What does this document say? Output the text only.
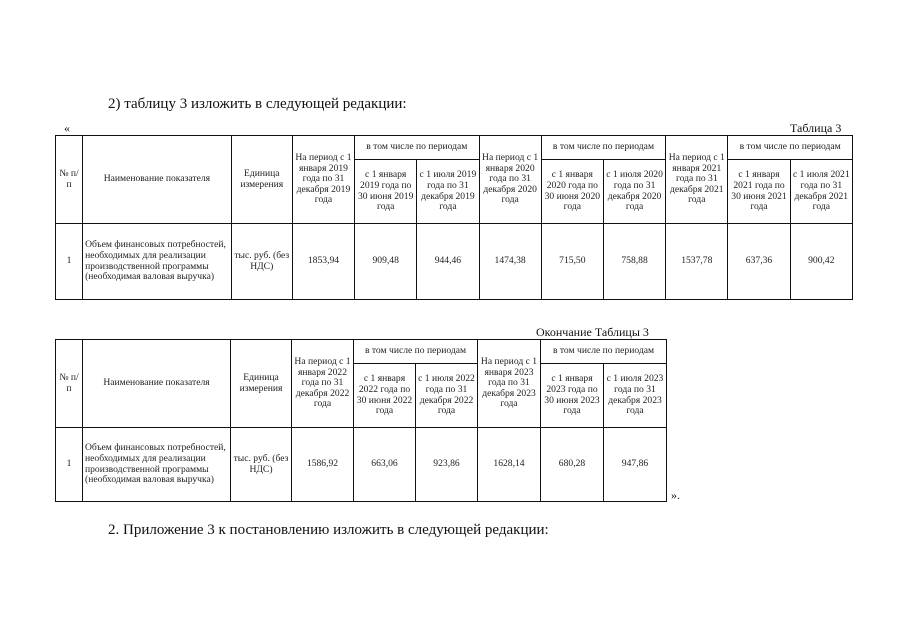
2) таблицу 3 изложить в следующей редакции:
«	Таблица 3
№ п/п	Наименование показателя	Единица измерения	На период с 1 января 2019 года по 31 декабря 2019 года	в том числе по периодам		На период с 1 января 2020 года по 31 декабря 2020 года	в том числе по периодам		На период с 1 января 2021 года по 31 декабря 2021 года	в том числе по периодам	
				с 1 января 2019 года по 30 июня 2019 года	с 1 июля 2019 года по 31 декабря 2019 года		с 1 января 2020 года по 30 июня 2020 года	с 1 июля 2020 года по 31 декабря 2020 года		с 1 января 2021 года по 30 июня 2021 года	с 1 июля 2021 года по 31 декабря 2021 года
1	Объем финансовых потребностей, необходимых для реализации производственной программы (необходимая валовая выручка)	тыс. руб. (без НДС)	1853,94	909,48	944,46	1474,38	715,50	758,88	1537,78	637,36	900,42
Окончание Таблицы 3
№ п/п	Наименование показателя	Единица измерения	На период с 1 января 2022 года по 31 декабря 2022 года	в том числе по периодам		На период с 1 января 2023 года по 31 декабря 2023 года	в том числе по периодам	
				с 1 января 2022 года по 30 июня 2022 года	с 1 июля 2022 года по 31 декабря 2022 года		с 1 января 2023 года по 30 июня 2023 года	с 1 июля 2023 года по 31 декабря 2023 года
1	Объем финансовых потребностей, необходимых для реализации производственной программы (необходимая валовая выручка)	тыс. руб. (без НДС)	1586,92	663,06	923,86	1628,14	680,28	947,86
».
2. Приложение 3 к постановлению изложить в следующей редакции:
